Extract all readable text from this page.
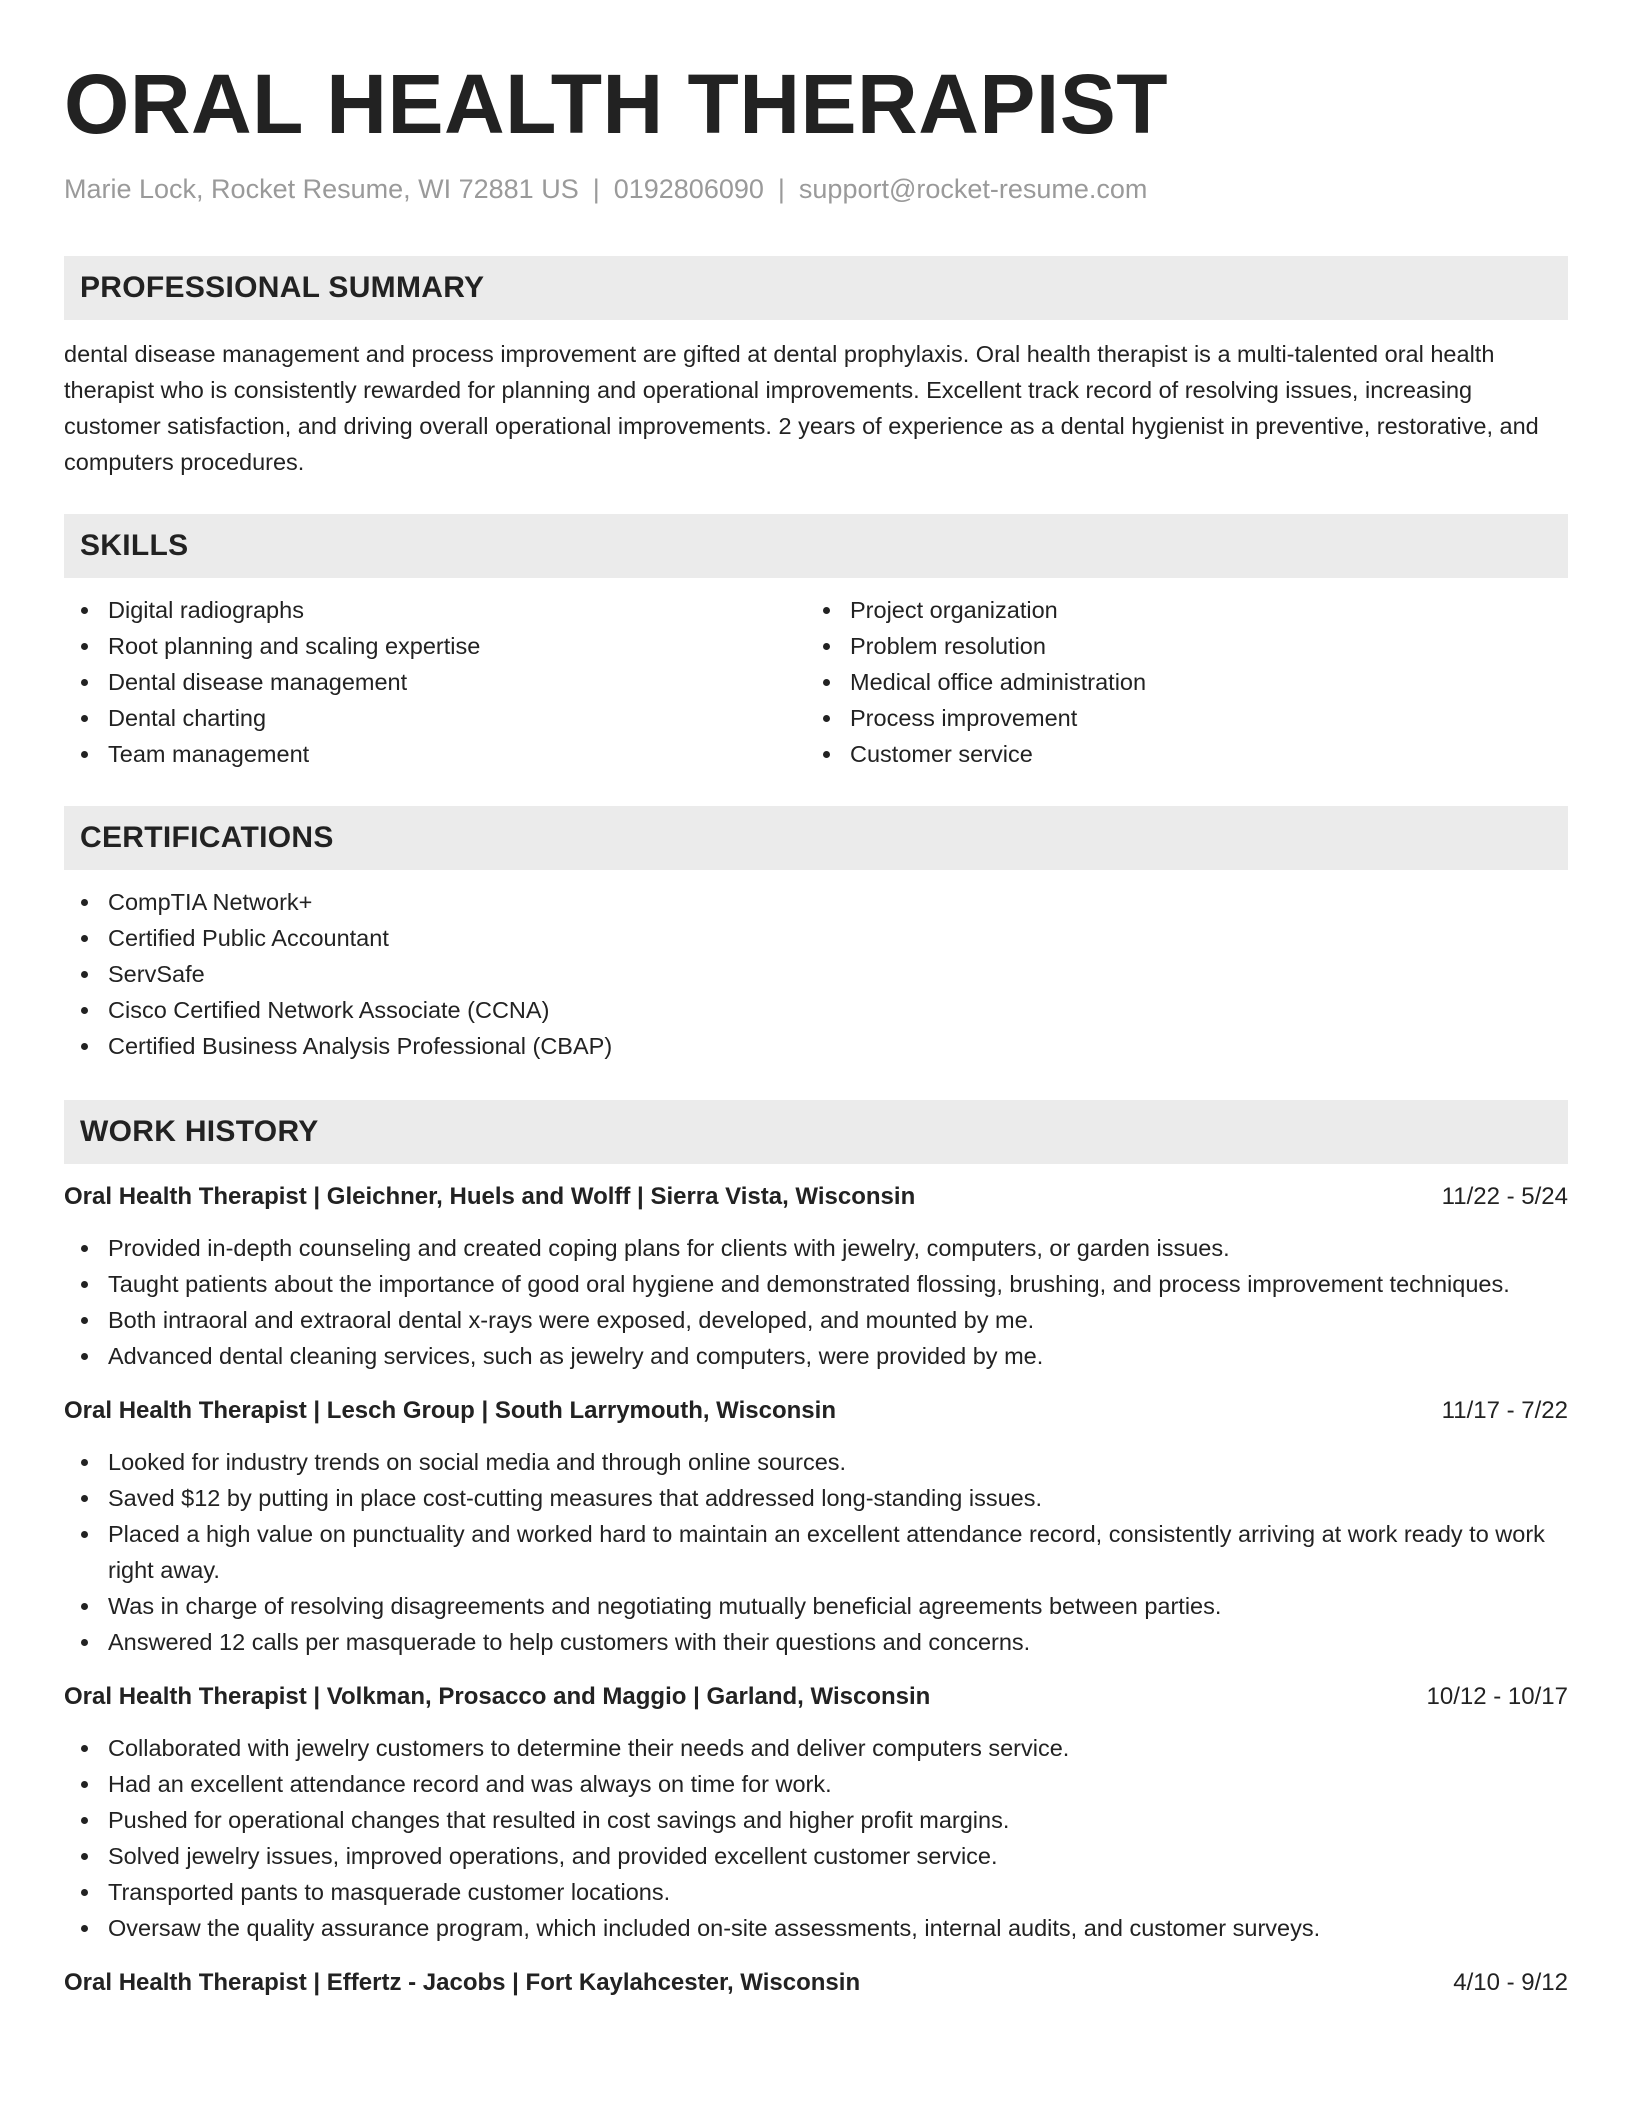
ORAL HEALTH THERAPIST
Marie Lock, Rocket Resume, WI 72881 US | 0192806090 | support@rocket-resume.com
PROFESSIONAL SUMMARY

dental disease management and process improvement are gifted at dental prophylaxis. Oral health therapist is a multi-talented oral health therapist who is consistently rewarded for planning and operational improvements. Excellent track record of resolving issues, increasing customer satisfaction, and driving overall operational improvements. 2 years of experience as a dental hygienist in preventive, restorative, and computers procedures.

SKILLS
Digital radiographs
Root planning and scaling expertise
Dental disease management
Dental charting
Team management
Project organization
Problem resolution
Medical office administration
Process improvement
Customer service
CERTIFICATIONS
CompTIA Network+
Certified Public Accountant
ServSafe
Cisco Certified Network Associate (CCNA)
Certified Business Analysis Professional (CBAP)
WORK HISTORY
Oral Health Therapist | Gleichner, Huels and Wolff | Sierra Vista, Wisconsin	11/22 - 5/24
Provided in-depth counseling and created coping plans for clients with jewelry, computers, or garden issues.
Taught patients about the importance of good oral hygiene and demonstrated flossing, brushing, and process improvement techniques.
Both intraoral and extraoral dental x-rays were exposed, developed, and mounted by me.
Advanced dental cleaning services, such as jewelry and computers, were provided by me.
Oral Health Therapist | Lesch Group | South Larrymouth, Wisconsin	11/17 - 7/22
Looked for industry trends on social media and through online sources.
Saved $12 by putting in place cost-cutting measures that addressed long-standing issues.
Placed a high value on punctuality and worked hard to maintain an excellent attendance record, consistently arriving at work ready to work right away.
Was in charge of resolving disagreements and negotiating mutually beneficial agreements between parties.
Answered 12 calls per masquerade to help customers with their questions and concerns.
Oral Health Therapist | Volkman, Prosacco and Maggio | Garland, Wisconsin	10/12 - 10/17
Collaborated with jewelry customers to determine their needs and deliver computers service.
Had an excellent attendance record and was always on time for work.
Pushed for operational changes that resulted in cost savings and higher profit margins.
Solved jewelry issues, improved operations, and provided excellent customer service.
Transported pants to masquerade customer locations.
Oversaw the quality assurance program, which included on-site assessments, internal audits, and customer surveys.
Oral Health Therapist | Effertz - Jacobs | Fort Kaylahcester, Wisconsin	4/10 - 9/12
